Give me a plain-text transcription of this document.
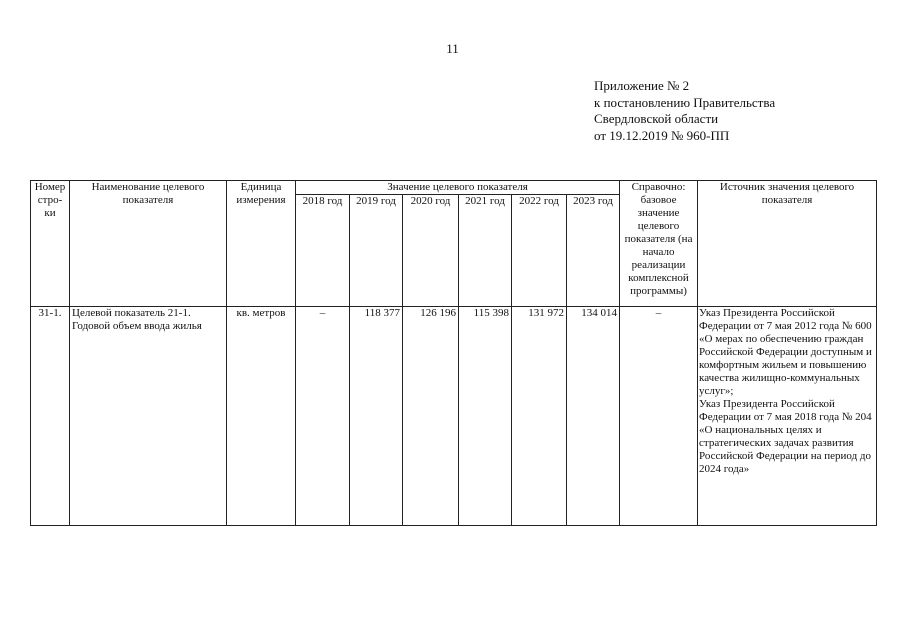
11
Приложение № 2
к постановлению Правительства
Свердловской области
от 19.12.2019 № 960-ПП
Номер стро-ки	Наименование целевого показателя	Единица измерения	Значение целевого показателя						Справочно: базовое значение целевого показателя (на начало реализации комплексной программы)	Источник значения целевого показателя
			2018 год	2019 год	2020 год	2021 год	2022 год	2023 год		
31-1.	Целевой показатель 21-1. Годовой объем ввода жилья	кв. метров	–	118 377	126 196	115 398	131 972	134 014	–	Указ Президента Российской Федерации от 7 мая 2012 года № 600 «О мерах по обеспечению граждан Российской Федерации доступным и комфортным жильем и повышению качества жилищно-коммунальных услуг»;
Указ Президента Российской Федерации от 7 мая 2018 года № 204 «О национальных целях и стратегических задачах развития Российской Федерации на период до 2024 года»
